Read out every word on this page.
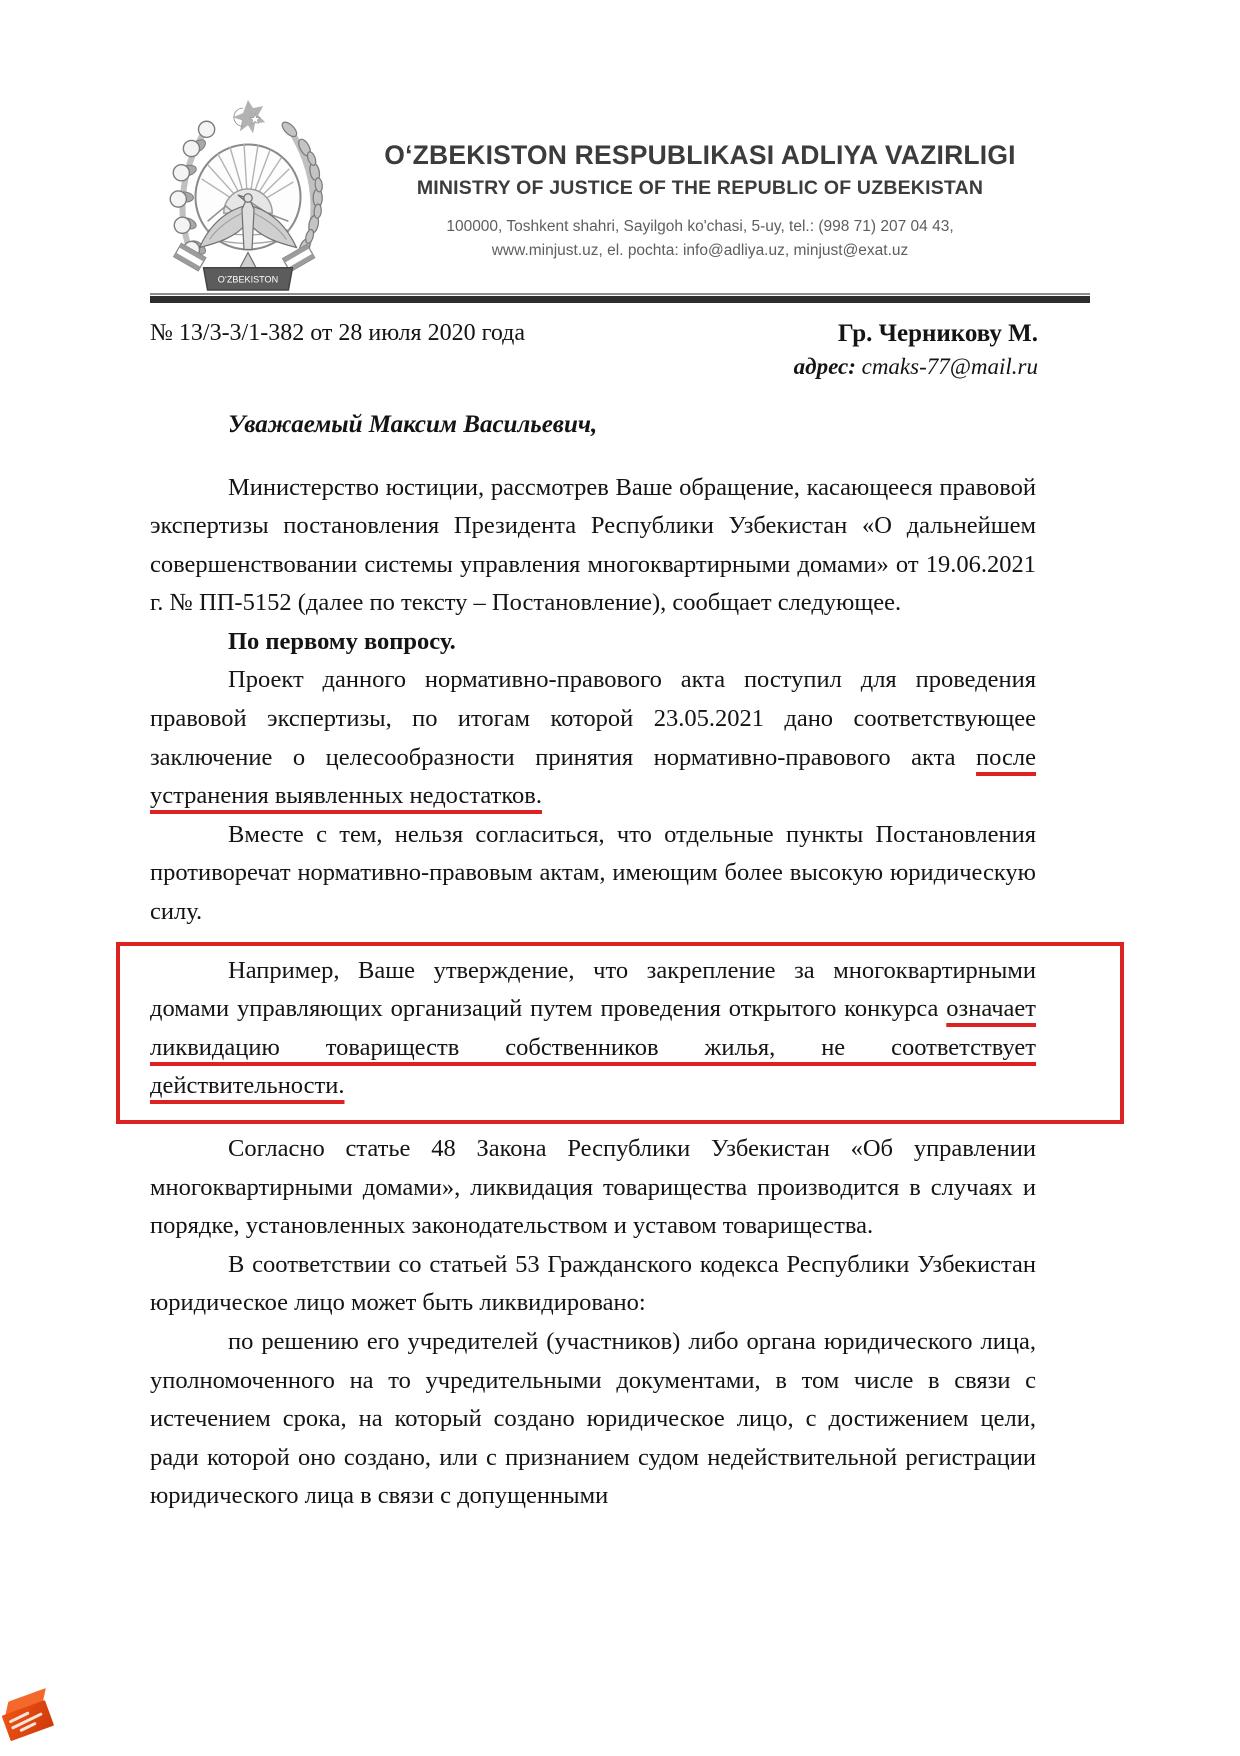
O‘ZBEKISTON
O‘ZBEKISTON RESPUBLIKASI ADLIYA VAZIRLIGI
MINISTRY OF JUSTICE OF THE REPUBLIC OF UZBEKISTAN
100000, Toshkent shahri, Sayilgoh ko'chasi, 5-uy, tel.: (998 71) 207 04 43,
www.minjust.uz, el. pochta: info@adliya.uz, minjust@exat.uz
№ 13/3-3/1-382 от 28 июля 2020 года	Гр. Черникову М.
адрес: cmaks-77@mail.ru
Уважаемый Максим Васильевич,

Министерство юстиции, рассмотрев Ваше обращение, касающееся правовой экспертизы постановления Президента Республики Узбекистан «О дальнейшем совершенствовании системы управления многоквартирными домами» от 19.06.2021 г. № ПП-5152 (далее по тексту – Постановление), сообщает следующее.

По первому вопросу.

Проект данного нормативно-правового акта поступил для проведения правовой экспертизы, по итогам которой 23.05.2021 дано соответствующее заключение о целесообразности принятия нормативно-правового акта после устранения выявленных недостатков.

Вместе с тем, нельзя согласиться, что отдельные пункты Постановления противоречат нормативно-правовым актам, имеющим более высокую юридическую силу.

Например, Ваше утверждение, что закрепление за многоквартирными домами управляющих организаций путем проведения открытого конкурса означает ликвидацию товариществ собственников жилья, не соответствует действительности.

Согласно статье 48 Закона Республики Узбекистан «Об управлении многоквартирными домами», ликвидация товарищества производится в случаях и порядке, установленных законодательством и уставом товарищества.

В соответствии со статьей 53 Гражданского кодекса Республики Узбекистан юридическое лицо может быть ликвидировано:

по решению его учредителей (участников) либо органа юридического лица, уполномоченного на то учредительными документами, в том числе в связи с истечением срока, на который создано юридическое лицо, с достижением цели, ради которой оно создано, или с признанием судом недействительной регистрации юридического лица в связи с допущенными
